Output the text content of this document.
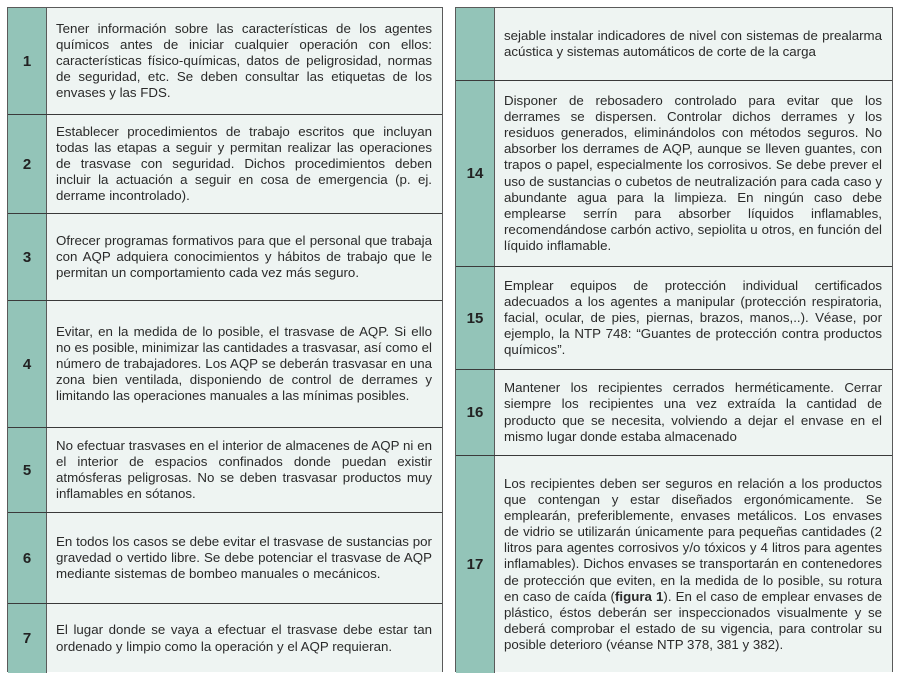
1
Tener información sobre las características de los agentes químicos antes de iniciar cualquier operación con ellos: características físico-químicas, datos de peligrosidad, normas de seguridad, etc. Se deben consultar las etiquetas de los envases y las FDS.
2
Establecer procedimientos de trabajo escritos que incluyan todas las etapas a seguir y permitan realizar las operaciones de trasvase con seguridad. Dichos procedimientos deben incluir la actuación a seguir en cosa de emergencia (p. ej. derrame incontrolado).
3
Ofrecer programas formativos para que el personal que trabaja con AQP adquiera conocimientos y hábitos de trabajo que le permitan un comportamiento cada vez más seguro.
4
Evitar, en la medida de lo posible, el trasvase de AQP. Si ello no es posible, minimizar las cantidades a trasvasar, así como el número de trabajadores. Los AQP se deberán trasvasar en una zona bien ventilada, disponiendo de control de derrames y limitando las operaciones manuales a las mínimas posibles.
5
No efectuar trasvases en el interior de almacenes de AQP ni en el interior de espacios confinados donde puedan existir atmósferas peligrosas. No se deben trasvasar productos muy inflamables en sótanos.
6
En todos los casos se debe evitar el trasvase de sustancias por gravedad o vertido libre. Se debe potenciar el trasvase de AQP mediante sistemas de bombeo manuales o mecánicos.
7
El lugar donde se vaya a efectuar el trasvase debe estar tan ordenado y limpio como la operación y el AQP requieran.
sejable instalar indicadores de nivel con sistemas de prealarma acústica y sistemas automáticos de corte de la carga
14
Disponer de rebosadero controlado para evitar que los derrames se dispersen. Controlar dichos derrames y los residuos generados, eliminándolos con métodos seguros. No absorber los derrames de AQP, aunque se lleven guantes, con trapos o papel, especialmente los corrosivos. Se debe prever el uso de sustancias o cubetos de neutralización para cada caso y abundante agua para la limpieza. En ningún caso debe emplearse serrín para absorber líquidos inflamables, recomendándose carbón activo, sepiolita u otros, en función del líquido inflamable.
15
Emplear equipos de protección individual certificados adecuados a los agentes a manipular (protección respiratoria, facial, ocular, de pies, piernas, brazos, manos,..). Véase, por ejemplo, la NTP 748: “Guantes de protección contra productos químicos”.
16
Mantener los recipientes cerrados herméticamente. Cerrar siempre los recipientes una vez extraída la cantidad de producto que se necesita, volviendo a dejar el envase en el mismo lugar donde estaba almacenado
17
Los recipientes deben ser seguros en relación a los productos que contengan y estar diseñados ergonómicamente. Se emplearán, preferiblemente, envases metálicos. Los envases de vidrio se utilizarán únicamente para pequeñas cantidades (2 litros para agentes corrosivos y/o tóxicos y 4 litros para agentes inflamables). Dichos envases se transportarán en contenedores de protección que eviten, en la medida de lo posible, su rotura en caso de caída (figura 1). En el caso de emplear envases de plástico, éstos deberán ser inspeccionados visualmente y se deberá comprobar el estado de su vigencia, para controlar su posible deterioro (véanse NTP 378, 381 y 382).
